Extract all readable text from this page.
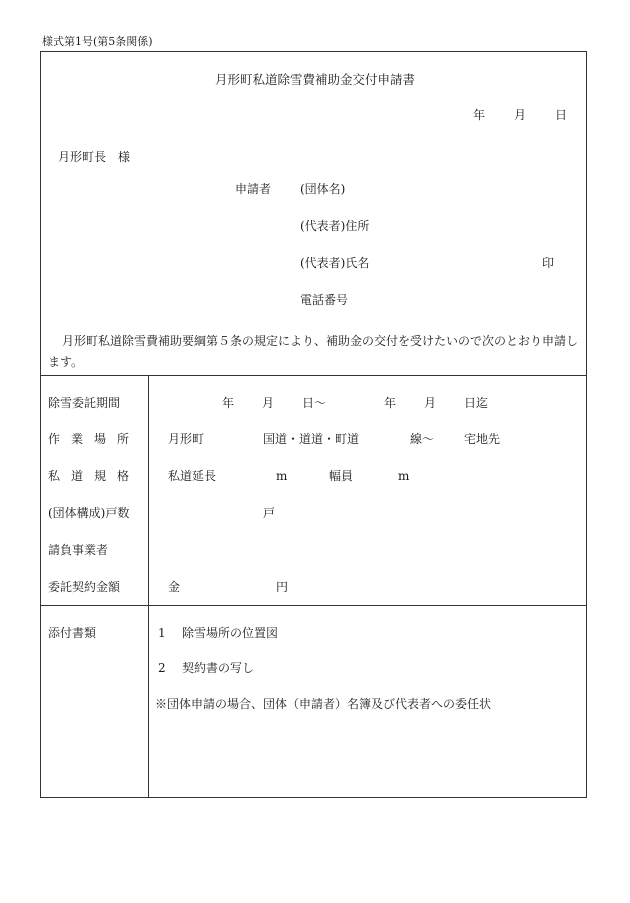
様式第1号(第5条関係)
月形町私道除雪費補助金交付申請書
年 月 日
月形町長　様
申請者 (団体名)
(代表者)住所
(代表者)氏名	印
電話番号
月形町私道除雪費補助要綱第５条の規定により、補助金の交付を受けたいので次のとおり申請します。
除雪委託期間	年 月 日～	年 月 日迄
作業場所 月形町	国道・道道・町道	線～ 宅地先
私道規格 私道延長	m	幅員	m
(団体構成)戸数	戸
請負事業者
委託契約金額	金	円
添付書類	1 除雪場所の位置図
2 契約書の写し
※団体申請の場合、団体（申請者）名簿及び代表者への委任状
